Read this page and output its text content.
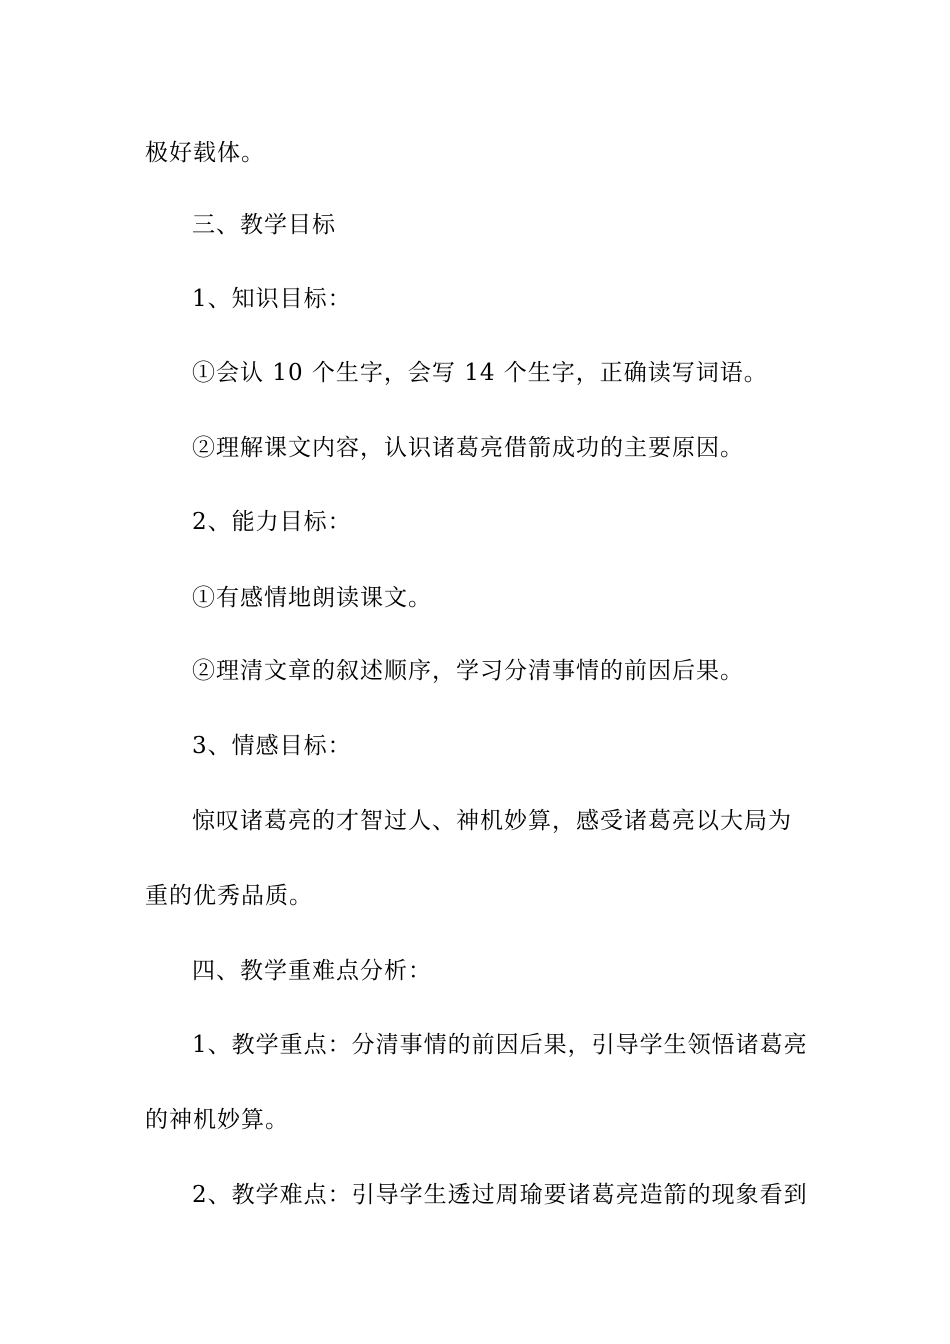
极好载体。
三、教学目标
1、知识目标：
①会认 10 个生字，会写 14 个生字，正确读写词语。
②理解课文内容，认识诸葛亮借箭成功的主要原因。
2、能力目标：
①有感情地朗读课文。
②理清文章的叙述顺序，学习分清事情的前因后果。
3、情感目标：
惊叹诸葛亮的才智过人、神机妙算，感受诸葛亮以大局为
重的优秀品质。
四、教学重难点分析：
1、教学重点：分清事情的前因后果，引导学生领悟诸葛亮
的神机妙算。
2、教学难点：引导学生透过周瑜要诸葛亮造箭的现象看到
